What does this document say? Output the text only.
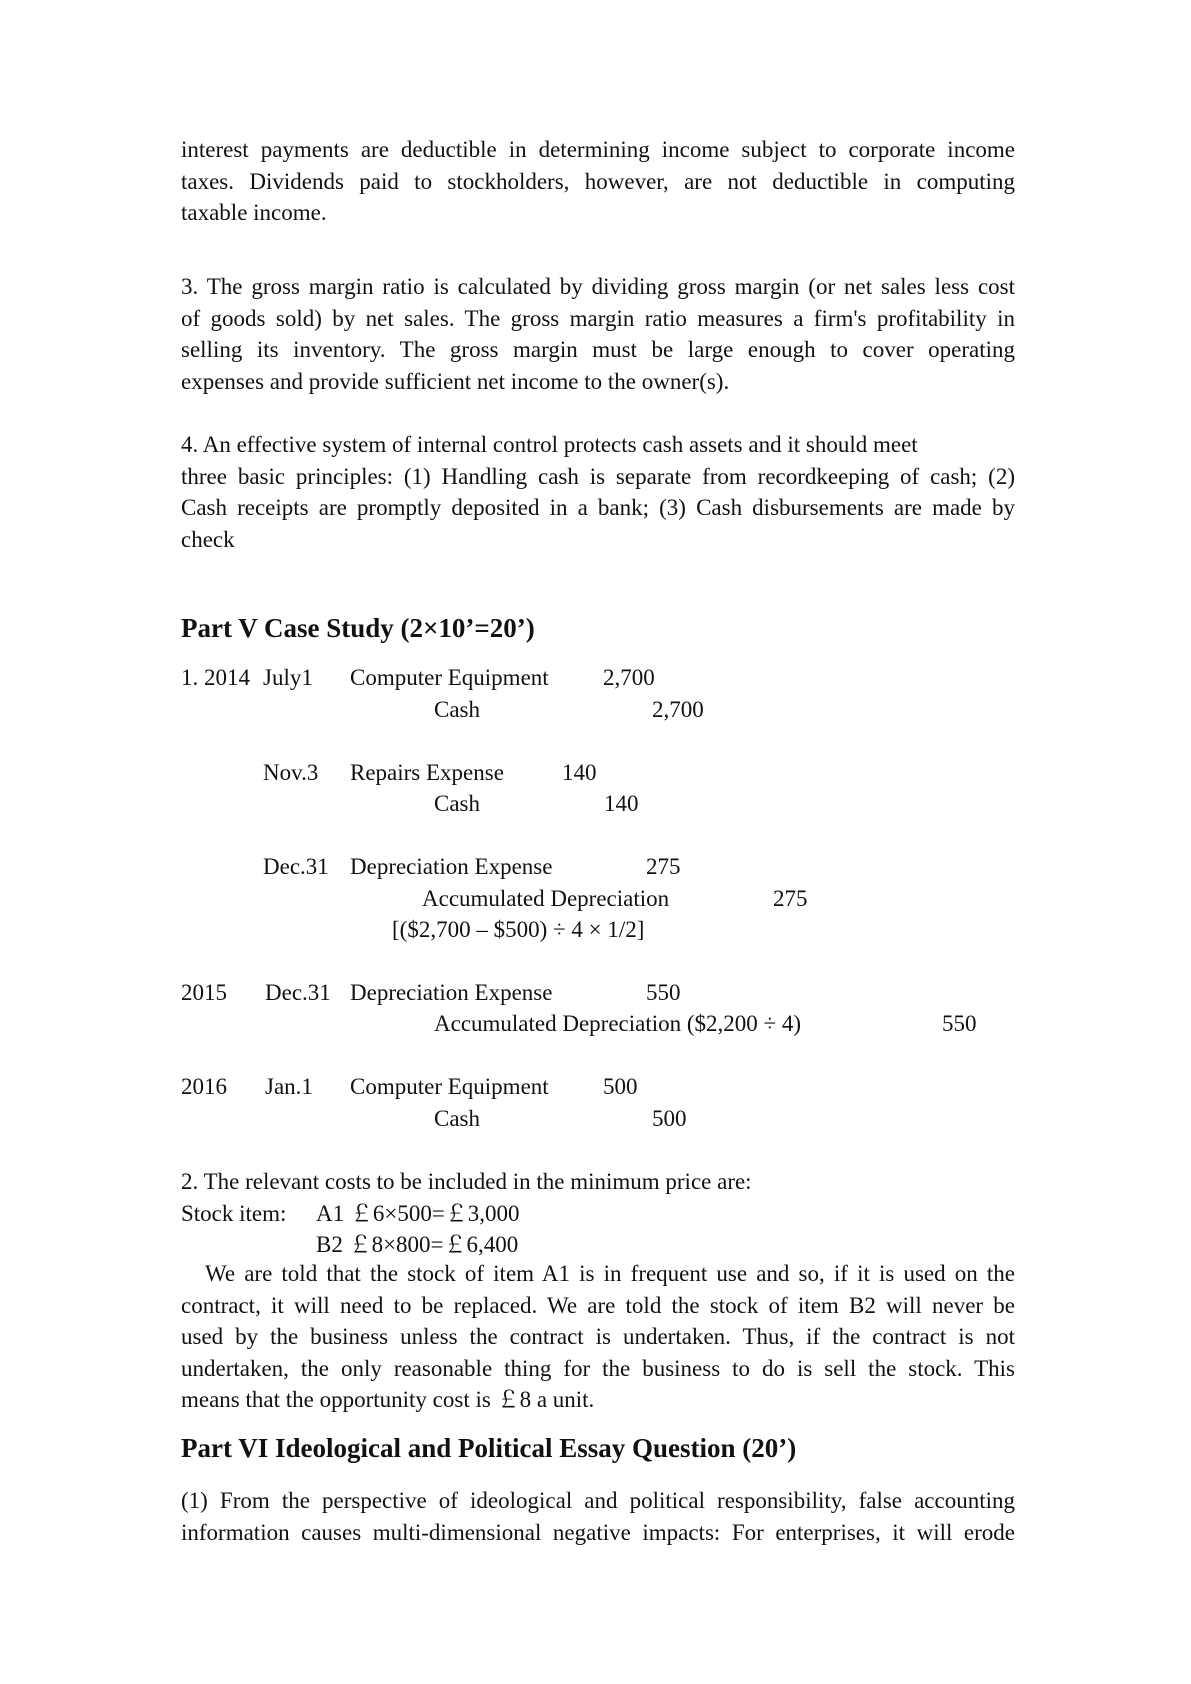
interest payments are deductible in determining income subject to corporate income
taxes. Dividends paid to stockholders, however, are not deductible in computing
taxable income.
3. The gross margin ratio is calculated by dividing gross margin (or net sales less cost
of goods sold) by net sales. The gross margin ratio measures a firm's profitability in
selling its inventory. The gross margin must be large enough to cover operating
expenses and provide sufficient net income to the owner(s).
4. An effective system of internal control protects cash assets and it should meet
three basic principles: (1) Handling cash is separate from recordkeeping of cash; (2)
Cash receipts are promptly deposited in a bank; (3) Cash disbursements are made by
check
Part V Case Study (2×10’=20’)
1. 2014 July1 Computer Equipment 2,700
Cash	2,700
Nov.3 Repairs Expense	140
Cash	140
Dec.31 Depreciation Expense	275
Accumulated Depreciation	275
[($2,700 – $500) ÷ 4 × 1/2]
2015 Dec.31 Depreciation Expense	550
Accumulated Depreciation ($2,200 ÷ 4)	550
2016 Jan.1 Computer Equipment 500
Cash	500
2. The relevant costs to be included in the minimum price are:
Stock item: A1 ￡6×500=￡3,000
B2 ￡8×800=￡6,400
We are told that the stock of item A1 is in frequent use and so, if it is used on the
contract, it will need to be replaced. We are told the stock of item B2 will never be
used by the business unless the contract is undertaken. Thus, if the contract is not
undertaken, the only reasonable thing for the business to do is sell the stock. This
means that the opportunity cost is ￡8 a unit.
Part VI Ideological and Political Essay Question (20’)
(1) From the perspective of ideological and political responsibility, false accounting
information causes multi-dimensional negative impacts: For enterprises, it will erode
